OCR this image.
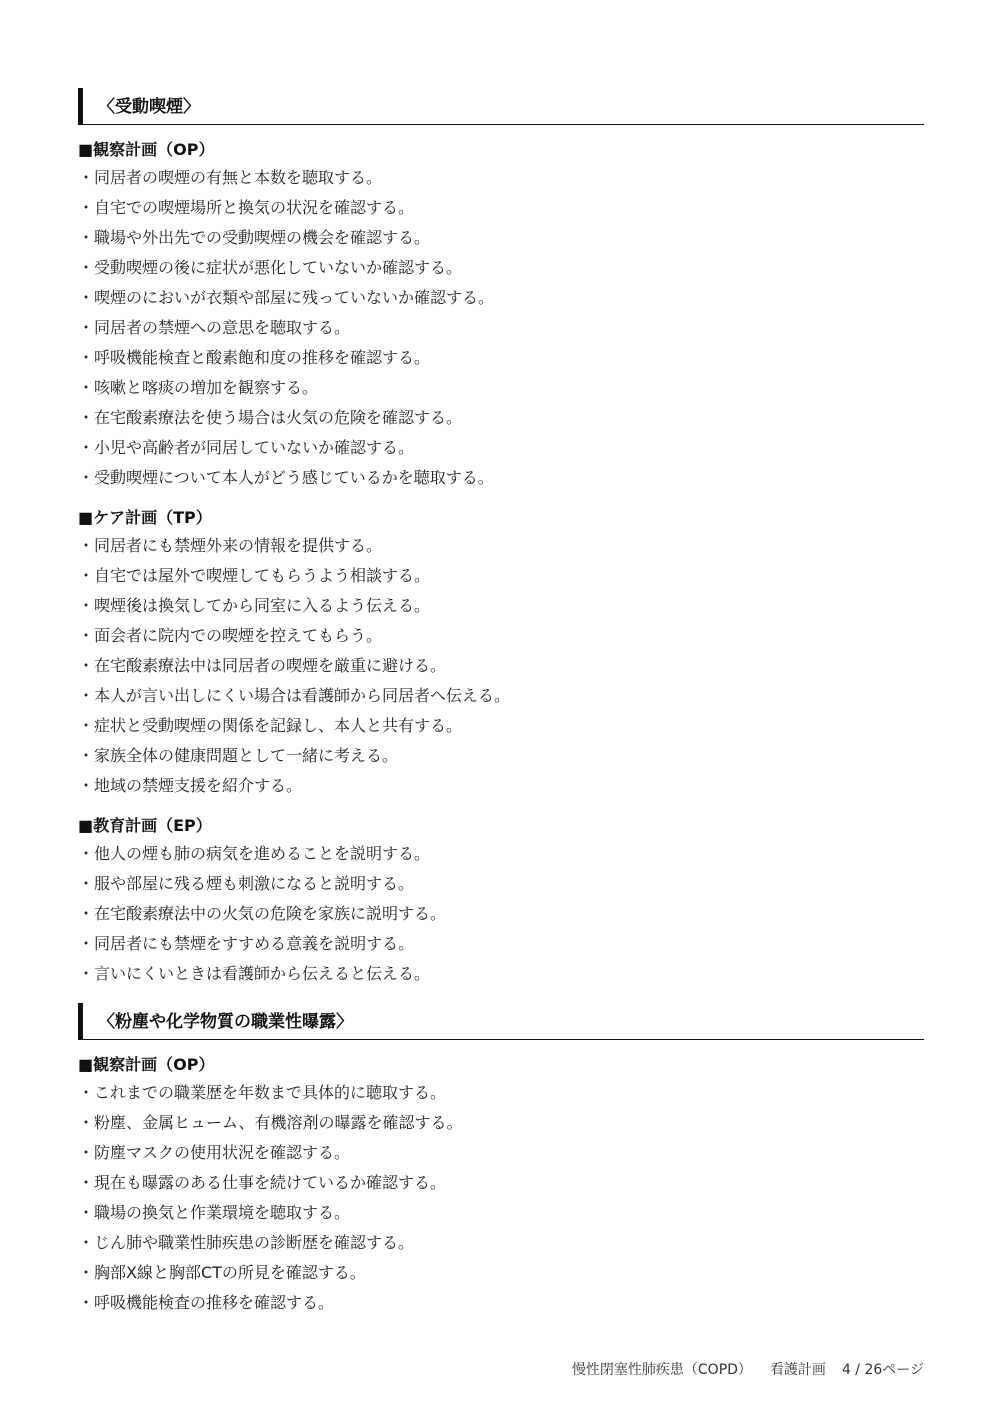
〈受動喫煙〉
■観察計画（OP）
・ 同居者の喫煙の有無と本数を聴取する。
・ 自宅での喫煙場所と換気の状況を確認する。
・ 職場や外出先での受動喫煙の機会を確認する。
・ 受動喫煙の後に症状が悪化していないか確認する。
・ 喫煙のにおいが衣類や部屋に残っていないか確認する。
・ 同居者の禁煙への意思を聴取する。
・ 呼吸機能検査と酸素飽和度の推移を確認する。
・ 咳嗽と喀痰の増加を観察する。
・ 在宅酸素療法を使う場合は火気の危険を確認する。
・ 小児や高齢者が同居していないか確認する。
・ 受動喫煙について本人がどう感じているかを聴取する。
■ケア計画（TP）
・ 同居者にも禁煙外来の情報を提供する。
・ 自宅では屋外で喫煙してもらうよう相談する。
・ 喫煙後は換気してから同室に入るよう伝える。
・ 面会者に院内での喫煙を控えてもらう。
・ 在宅酸素療法中は同居者の喫煙を厳重に避ける。
・ 本人が言い出しにくい場合は看護師から同居者へ伝える。
・ 症状と受動喫煙の関係を記録し、本人と共有する。
・ 家族全体の健康問題として一緒に考える。
・ 地域の禁煙支援を紹介する。
■教育計画（EP）
・ 他人の煙も肺の病気を進めることを説明する。
・ 服や部屋に残る煙も刺激になると説明する。
・ 在宅酸素療法中の火気の危険を家族に説明する。
・ 同居者にも禁煙をすすめる意義を説明する。
・ 言いにくいときは看護師から伝えると伝える。
〈粉塵や化学物質の職業性曝露〉
■観察計画（OP）
・ これまでの職業歴を年数まで具体的に聴取する。
・ 粉塵、金属ヒューム、有機溶剤の曝露を確認する。
・ 防塵マスクの使用状況を確認する。
・ 現在も曝露のある仕事を続けているか確認する。
・ 職場の換気と作業環境を聴取する。
・ じん肺や職業性肺疾患の診断歴を確認する。
・ 胸部X線と胸部CTの所見を確認する。
・ 呼吸機能検査の推移を確認する。
慢性閉塞性肺疾患（COPD） 看護計画 4 / 26ページ
